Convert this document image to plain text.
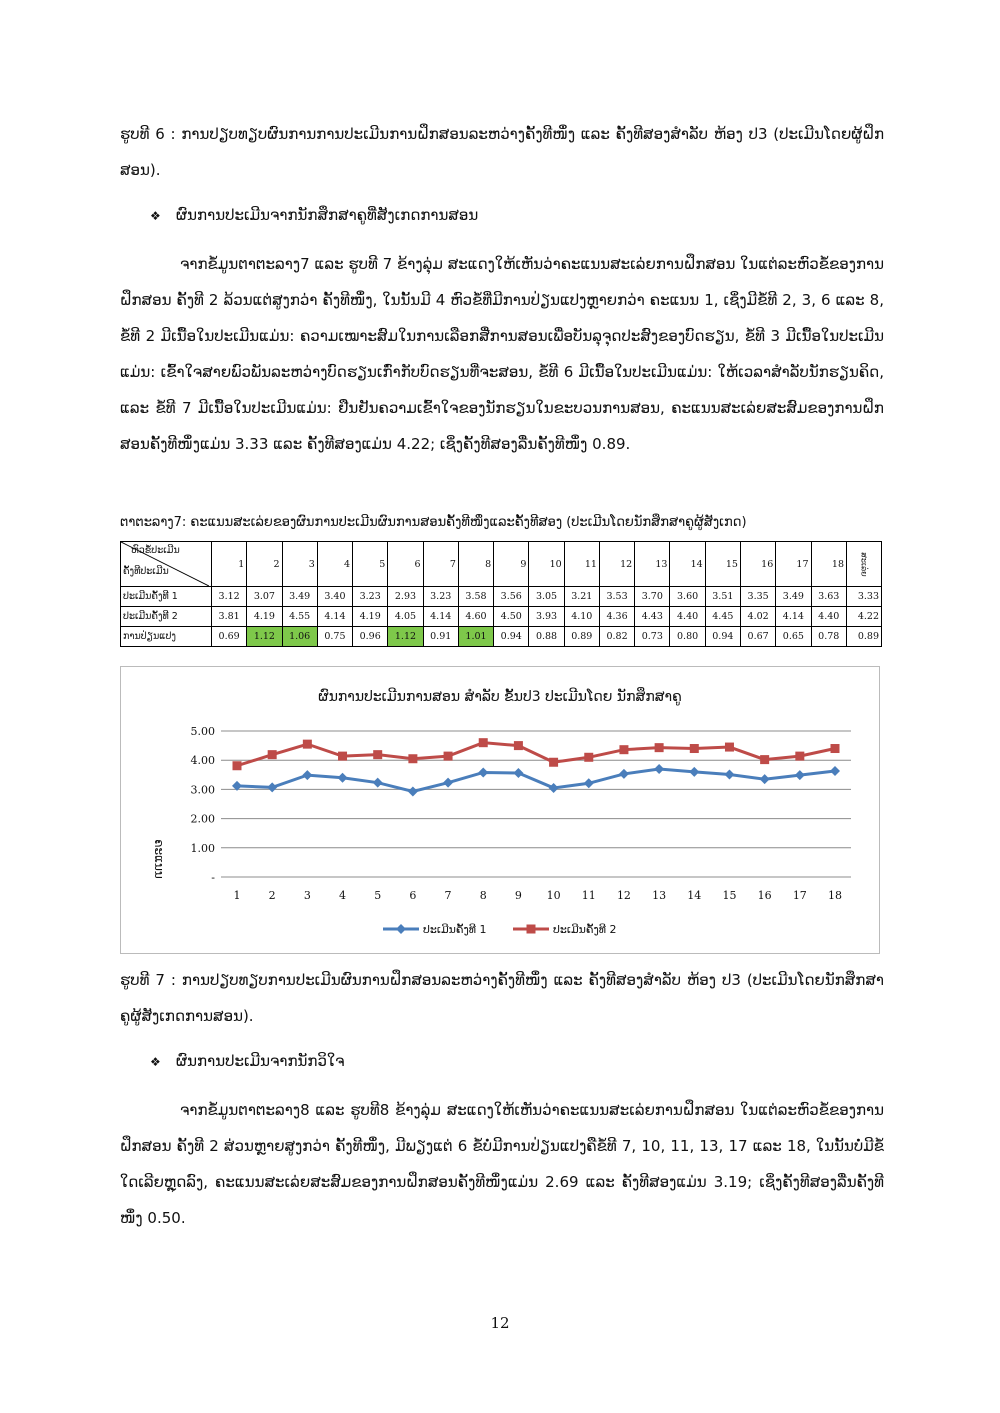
ຮູບທີ 6 : ການປຽບທຽບຜົນການການປະເມີນການຝຶກສອນລະຫວ່າງຄັ້ງທີໜຶ່ງ ແລະ ຄັ້ງທີສອງສຳລັບ ຫ້ອງ ປ3 (ປະເມີນໂດຍຜູ້ຝຶກສອນ).

❖ ຜົນການປະເມີນຈາກນັກສຶກສາຄູທີ່ສັງເກດການສອນ

ຈາກຂໍ້ມູນຕາຕະລາງ7 ແລະ ຮູບທີ 7 ຂ້າງລຸ່ມ ສະແດງໃຫ້ເຫັນວ່າຄະແນນສະເລ່ຍການຝຶກສອນ ໃນແຕ່ລະຫົວຂໍ້ຂອງການຝຶກສອນ ຄັ້ງທີ 2 ລ້ວນແຕ່ສູງກວ່າ ຄັ້ງທີໜຶ່ງ, ໃນນັ້ນມີ 4 ຫົວຂໍ້ທີ່ມີການປ່ຽນແປງຫຼາຍກວ່າ ຄະແນນ 1, ເຊິ່ງມີຂໍ້ທີ 2, 3, 6 ແລະ 8, ຂໍ້ທີ 2 ມີເນື້ອໃນປະເມີນແມ່ນ: ຄວາມເໝາະສົມໃນການເລືອກສື່ການສອນເພື່ອບັນລຸຈຸດປະສົງຂອງບົດຮຽນ, ຂໍ້ທີ 3 ມີເນື້ອໃນປະເມີນແມ່ນ: ເຂົ້າໃຈສາຍພົວພັນລະຫວ່າງບົດຮຽນເກົ່າກັບບົດຮຽນທີ່ຈະສອນ, ຂໍ້ທີ 6 ມີເນື້ອໃນປະເມີນແມ່ນ: ໃຫ້ເວລາສຳລັບນັກຮຽນຄິດ, ແລະ ຂໍ້ທີ 7 ມີເນື້ອໃນປະເມີນແມ່ນ: ຢືນຢັນຄວາມເຂົ້າໃຈຂອງນັກຮຽນໃນຂະບວນການສອນ, ຄະແນນສະເລ່ຍສະສົມຂອງການຝຶກສອນຄັ້ງທີໜຶ່ງແມ່ນ 3.33 ແລະ ຄັ້ງທີສອງແມ່ນ 4.22; ເຊິ່ງຄັ້ງທີສອງລື່ນຄັ້ງທີໜຶ່ງ 0.89.

ຕາຕະລາງ7: ຄະແນນສະເລ່ຍຂອງຜົນການປະເມີນຜົນການສອນຄັ້ງທີໜຶ່ງແລະຄັ້ງທີສອງ (ປະເມີນໂດຍນັກສຶກສາຄູຜູ້ສັງເກດ)
ຫົວຂໍ້ປະເມີນ
ຄັ້ງທີປະເມີນ	1	2	3	4	5	6	7	8	9	10	11	12	13	14	15	16	17	18	ສະເລ່ຍ
ປະເມີນຄັ້ງທີ 1	3.12	3.07	3.49	3.40	3.23	2.93	3.23	3.58	3.56	3.05	3.21	3.53	3.70	3.60	3.51	3.35	3.49	3.63	3.33
ປະເມີນຄັ້ງທີ 2	3.81	4.19	4.55	4.14	4.19	4.05	4.14	4.60	4.50	3.93	4.10	4.36	4.43	4.40	4.45	4.02	4.14	4.40	4.22
ການປ່ຽນແປງ	0.69	1.12	1.06	0.75	0.96	1.12	0.91	1.01	0.94	0.88	0.89	0.82	0.73	0.80	0.94	0.67	0.65	0.78	0.89
ຜົນການປະເມີນການສອນ ສຳລັບ ຂັ້ນປ3 ປະເມີນໂດຍ ນັກສຶກສາຄູ
ຄະແນນ	-
1.00
2.00
3.00
4.00
5.00
1	2	3	4	5	6	7	8	9 10 11 12 13 14 15 16 17 18
ປະເມີນຄັ້ງທີ 1	ປະເມີນຄັ້ງທີ 2

ຮູບທີ 7 : ການປຽບທຽບການປະເມີນຜົນການຝຶກສອນລະຫວ່າງຄັ້ງທີໜຶ່ງ ແລະ ຄັ້ງທີສອງສຳລັບ ຫ້ອງ ປ3 (ປະເມີນໂດຍນັກສຶກສາຄູຜູ້ສັງເກດການສອນ).

❖ ຜົນການປະເມີນຈາກນັກວິໃຈ

ຈາກຂໍ້ມູນຕາຕະລາງ8 ແລະ ຮູບທີ8 ຂ້າງລຸ່ມ ສະແດງໃຫ້ເຫັນວ່າຄະແນນສະເລ່ຍການຝຶກສອນ ໃນແຕ່ລະຫົວຂໍ້ຂອງການຝຶກສອນ ຄັ້ງທີ 2 ສ່ວນຫຼາຍສູງກວ່າ ຄັ້ງທີໜຶ່ງ, ມີພຽງແຕ່ 6 ຂໍ້ບໍ່ມີການປ່ຽນແປງຄືຂໍ້ທີ 7, 10, 11, 13, 17 ແລະ 18, ໃນນັ້ນບໍ່ມີຂໍ້ໃດເລີຍຫຼຸດລົງ, ຄະແນນສະເລ່ຍສະສົມຂອງການຝຶກສອນຄັ້ງທີໜຶ່ງແມ່ນ 2.69 ແລະ ຄັ້ງທີສອງແມ່ນ 3.19; ເຊິ່ງຄັ້ງທີສອງລື່ນຄັ້ງທີໜຶ່ງ 0.50.

12
